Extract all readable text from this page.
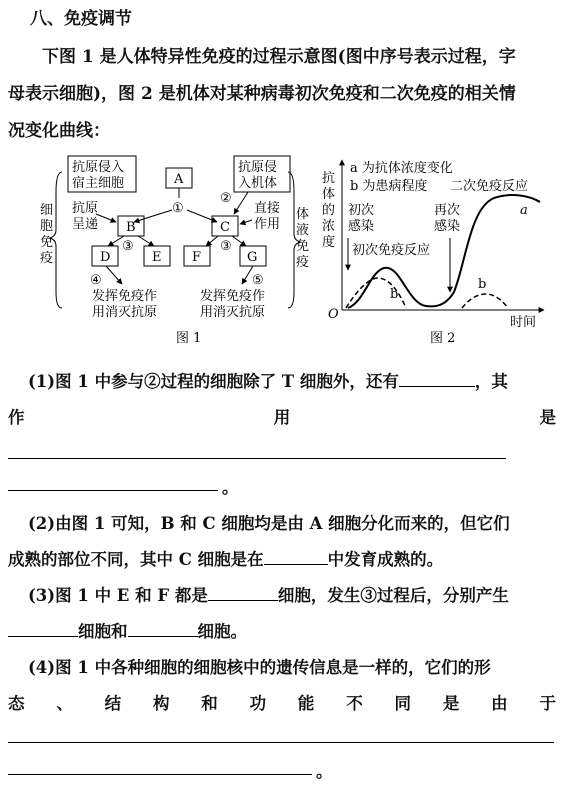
八、免疫调节
下图 1 是人体特异性免疫的过程示意图(图中序号表示过程，字
母表示细胞)，图 2 是机体对某种病毒初次免疫和二次免疫的相关情
况变化曲线：
细
胞
免
疫
体
液
免
疫
抗原侵入
宿主细胞
抗原侵
入机体
A
①
抗原
呈递 B
③
D	E
④
发挥免疫作
用消灭抗原
②
C
直接
作用
③
F	G
⑤
发挥免疫作
用消灭抗原
图 1
抗
体
的
浓
度
O
时间
a 为抗体浓度变化
b 为患病程度 二次免疫反应
初次
感染
再次
感染
初次免疫反应
a
b
b
图 2
(1)图 1 中参与②过程的细胞除了 T 细胞外，还有	，其
作	用	是
。
(2)由图 1 可知，B 和 C 细胞均是由 A 细胞分化而来的，但它们
成熟的部位不同，其中 C 细胞是在	中发育成熟的。
(3)图 1 中 E 和 F 都是	细胞，发生③过程后，分别产生
细胞和	细胞。
(4)图 1 中各种细胞的细胞核中的遗传信息是一样的，它们的形
态 、 结 构 和 功 能 不 同 是 由 于
。
